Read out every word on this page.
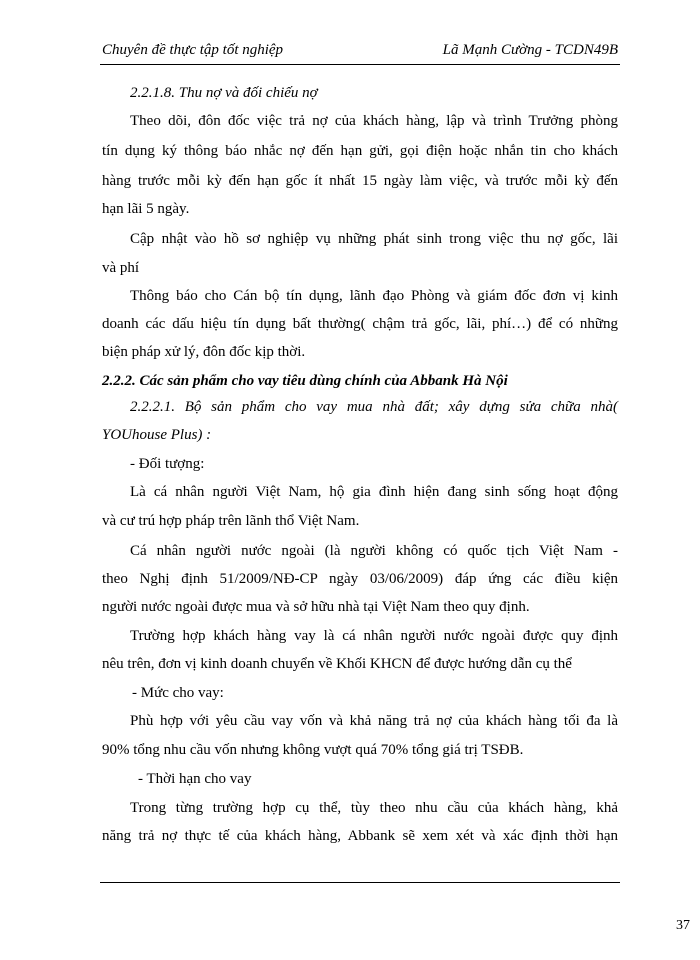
Chuyên đề thực tập tốt nghiệp	Lã Mạnh Cường - TCDN49B
2.2.1.8. Thu nợ và đối chiếu nợ
Theo dõi, đôn đốc việc trả nợ của khách hàng, lập và trình Trưởng phòng
tín dụng ký thông báo nhắc nợ đến hạn gửi, gọi điện hoặc nhắn tin cho khách
hàng trước mỗi kỳ đến hạn gốc ít nhất 15 ngày làm việc, và trước mỗi kỳ đến
hạn lãi 5 ngày.
Cập nhật vào hồ sơ nghiệp vụ những phát sinh trong việc thu nợ gốc, lãi
và phí
Thông báo cho Cán bộ tín dụng, lãnh đạo Phòng và giám đốc đơn vị kinh
doanh các dấu hiệu tín dụng bất thường( chậm trả gốc, lãi, phí…) để có những
biện pháp xử lý, đôn đốc kịp thời.
2.2.2. Các sản phẩm cho vay tiêu dùng chính của Abbank Hà Nội
2.2.2.1. Bộ sản phẩm cho vay mua nhà đất; xây dựng sửa chữa nhà(
YOUhouse Plus) :
- Đối tượng:
Là cá nhân người Việt Nam, hộ gia đình hiện đang sinh sống hoạt động
và cư trú hợp pháp trên lãnh thổ Việt Nam.
Cá nhân người nước ngoài (là người không có quốc tịch Việt Nam -
theo Nghị định 51/2009/NĐ-CP ngày 03/06/2009) đáp ứng các điều kiện
người nước ngoài được mua và sở hữu nhà tại Việt Nam theo quy định.
Trường hợp khách hàng vay là cá nhân người nước ngoài được quy định
nêu trên, đơn vị kinh doanh chuyển về Khối KHCN để được hướng dẫn cụ thể
- Mức cho vay:
Phù hợp với yêu cầu vay vốn và khả năng trả nợ của khách hàng tối đa là
90% tổng nhu cầu vốn nhưng không vượt quá 70% tổng giá trị TSĐB.
- Thời hạn cho vay
Trong từng trường hợp cụ thể, tùy theo nhu cầu của khách hàng, khả
năng trả nợ thực tế của khách hàng, Abbank sẽ xem xét và xác định thời hạn
37
